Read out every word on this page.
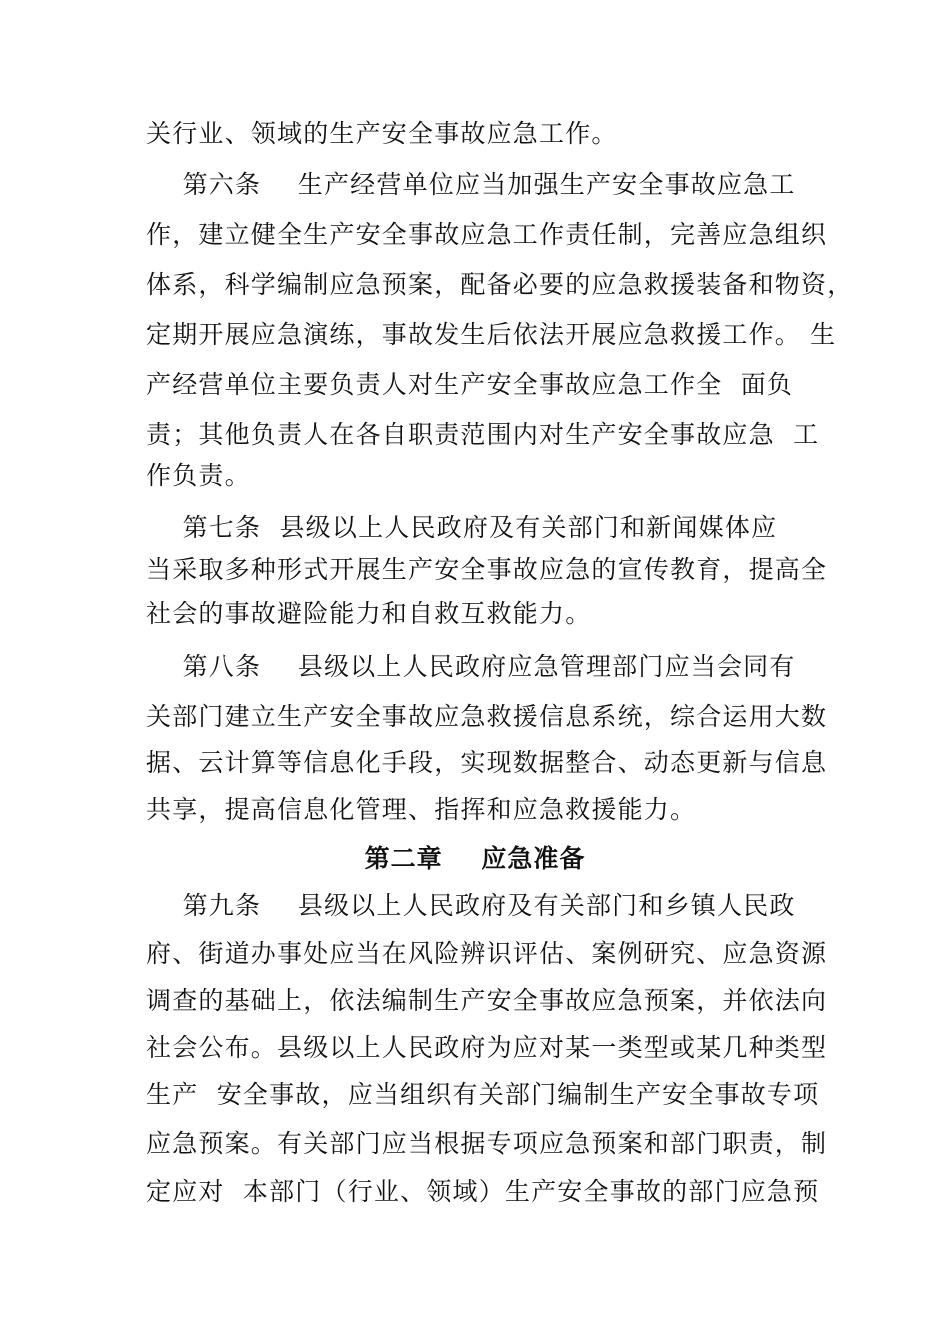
关行业、领域的生产安全事故应急工作。
第六条    生产经营单位应当加强生产安全事故应急工
作，建立健全生产安全事故应急工作责任制，完善应急组织
体系，科学编制应急预案，配备必要的应急救援装备和物资，
定期开展应急演练，事故发生后依法开展应急救援工作。 生
产经营单位主要负责人对生产安全事故应急工作全  面负
责；其他负责人在各自职责范围内对生产安全事故应急  工
作负责。
第七条  县级以上人民政府及有关部门和新闻媒体应
当采取多种形式开展生产安全事故应急的宣传教育，提高全
社会的事故避险能力和自救互救能力。
第八条    县级以上人民政府应急管理部门应当会同有
关部门建立生产安全事故应急救援信息系统，综合运用大数
据、云计算等信息化手段，实现数据整合、动态更新与信息
共享，提高信息化管理、指挥和应急救援能力。
第二章    应急准备
第九条    县级以上人民政府及有关部门和乡镇人民政
府、街道办事处应当在风险辨识评估、案例研究、应急资源
调查的基础上，依法编制生产安全事故应急预案，并依法向
社会公布。县级以上人民政府为应对某一类型或某几种类型
生产  安全事故，应当组织有关部门编制生产安全事故专项
应急预案。有关部门应当根据专项应急预案和部门职责，制
定应对  本部门（行业、领域）生产安全事故的部门应急预
